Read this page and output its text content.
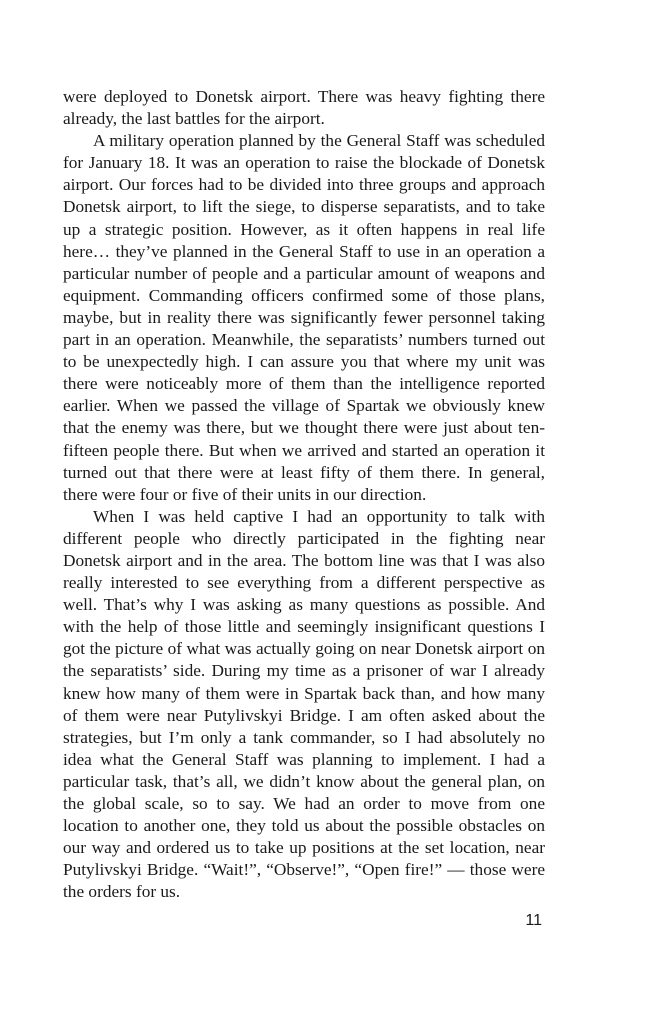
were deployed to Donetsk airport. There was heavy fighting there already, the last battles for the airport.

A military operation planned by the General Staff was scheduled for January 18. It was an operation to raise the blockade of Donetsk airport. Our forces had to be divided into three groups and approach Donetsk airport, to lift the siege, to disperse separatists, and to take up a strategic position. However, as it often happens in real life here… they’ve planned in the General Staff to use in an operation a particular number of people and a particular amount of weapons and equipment. Commanding officers confirmed some of those plans, maybe, but in reality there was significantly fewer personnel taking part in an operation. Meanwhile, the separatists’ numbers turned out to be unexpectedly high. I can assure you that where my unit was there were noticeably more of them than the intelligence reported earlier. When we passed the village of Spartak we obviously knew that the enemy was there, but we thought there were just about ten-fifteen people there. But when we arrived and started an operation it turned out that there were at least fifty of them there. In general, there were four or five of their units in our direction.

When I was held captive I had an opportunity to talk with different people who directly participated in the fighting near Donetsk airport and in the area. The bottom line was that I was also really interested to see everything from a different perspective as well. That’s why I was asking as many questions as possible. And with the help of those little and seemingly insignificant questions I got the picture of what was actually going on near Donetsk airport on the separatists’ side. During my time as a prisoner of war I already knew how many of them were in Spartak back than, and how many of them were near Putylivskyi Bridge. I am often asked about the strategies, but I’m only a tank commander, so I had absolutely no idea what the General Staff was planning to implement. I had a particular task, that’s all, we didn’t know about the general plan, on the global scale, so to say. We had an order to move from one location to another one, they told us about the possible obstacles on our way and ordered us to take up positions at the set location, near Putylivskyi Bridge. “Wait!”, “Observe!”, “Open fire!” — those were the orders for us.

11
